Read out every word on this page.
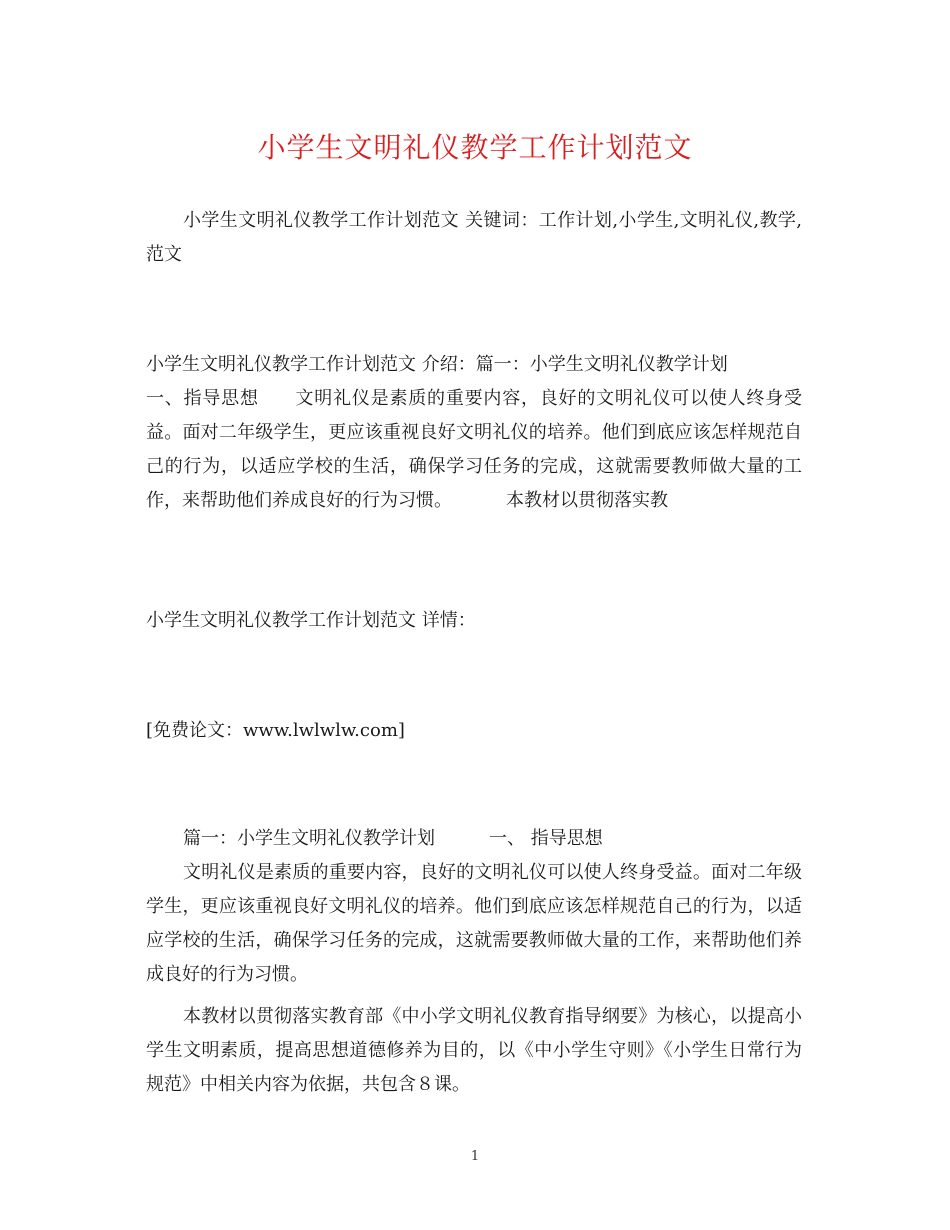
小学生文明礼仪教学工作计划范文

小学生文明礼仪教学工作计划范文 关键词：工作计划,小学生,文明礼仪,教学,范文

小学生文明礼仪教学工作计划范文 介绍：篇一：小学生文明礼仪教学计划

一、指导思想 文明礼仪是素质的重要内容，良好的文明礼仪可以使人终身受益。面对二年级学生，更应该重视良好文明礼仪的培养。他们到底应该怎样规范自己的行为，以适应学校的生活，确保学习任务的完成，这就需要教师做大量的工作，来帮助他们养成良好的行为习惯。	本教材以贯彻落实教

小学生文明礼仪教学工作计划范文 详情：

[免费论文：www.lwlwlw.com]

篇一：小学生文明礼仪教学计划	一、 指导思想

文明礼仪是素质的重要内容，良好的文明礼仪可以使人终身受益。面对二年级学生，更应该重视良好文明礼仪的培养。他们到底应该怎样规范自己的行为，以适应学校的生活，确保学习任务的完成，这就需要教师做大量的工作，来帮助他们养成良好的行为习惯。

本教材以贯彻落实教育部《中小学文明礼仪教育指导纲要》为核心，以提高小学生文明素质，提高思想道德修养为目的，以《中小学生守则》《小学生日常行为规范》中相关内容为依据，共包含８课。

1
